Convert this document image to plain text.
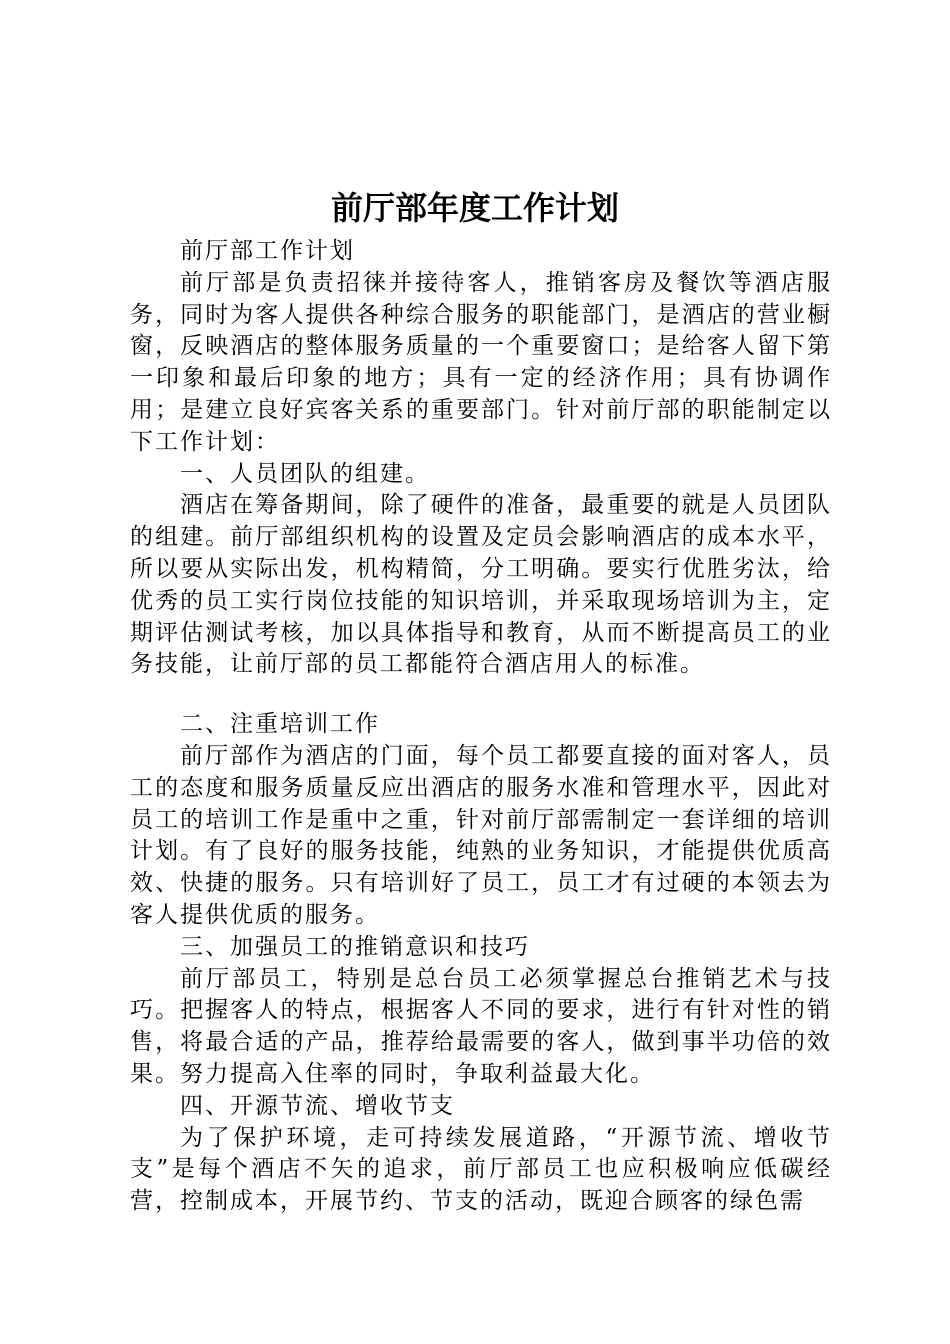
前厅部年度工作计划

前厅部工作计划

前厅部是负责招徕并接待客人，推销客房及餐饮等酒店服务，同时为客人提供各种综合服务的职能部门，是酒店的营业橱窗，反映酒店的整体服务质量的一个重要窗口；是给客人留下第一印象和最后印象的地方；具有一定的经济作用；具有协调作用；是建立良好宾客关系的重要部门。针对前厅部的职能制定以下工作计划：

一、人员团队的组建。

酒店在筹备期间，除了硬件的准备，最重要的就是人员团队的组建。前厅部组织机构的设置及定员会影响酒店的成本水平，所以要从实际出发，机构精简，分工明确。要实行优胜劣汰，给优秀的员工实行岗位技能的知识培训，并采取现场培训为主，定期评估测试考核，加以具体指导和教育，从而不断提高员工的业务技能，让前厅部的员工都能符合酒店用人的标准。

二、注重培训工作

前厅部作为酒店的门面，每个员工都要直接的面对客人，员工的态度和服务质量反应出酒店的服务水准和管理水平，因此对员工的培训工作是重中之重，针对前厅部需制定一套详细的培训计划。有了良好的服务技能，纯熟的业务知识，才能提供优质高效、快捷的服务。只有培训好了员工，员工才有过硬的本领去为客人提供优质的服务。

三、加强员工的推销意识和技巧

前厅部员工，特别是总台员工必须掌握总台推销艺术与技巧。把握客人的特点，根据客人不同的要求，进行有针对性的销售，将最合适的产品，推荐给最需要的客人，做到事半功倍的效果。努力提高入住率的同时，争取利益最大化。

四、开源节流、增收节支

为了保护环境，走可持续发展道路，“开源节流、增收节支”是每个酒店不矢的追求，前厅部员工也应积极响应低碳经营，控制成本，开展节约、节支的活动，既迎合顾客的绿色需
